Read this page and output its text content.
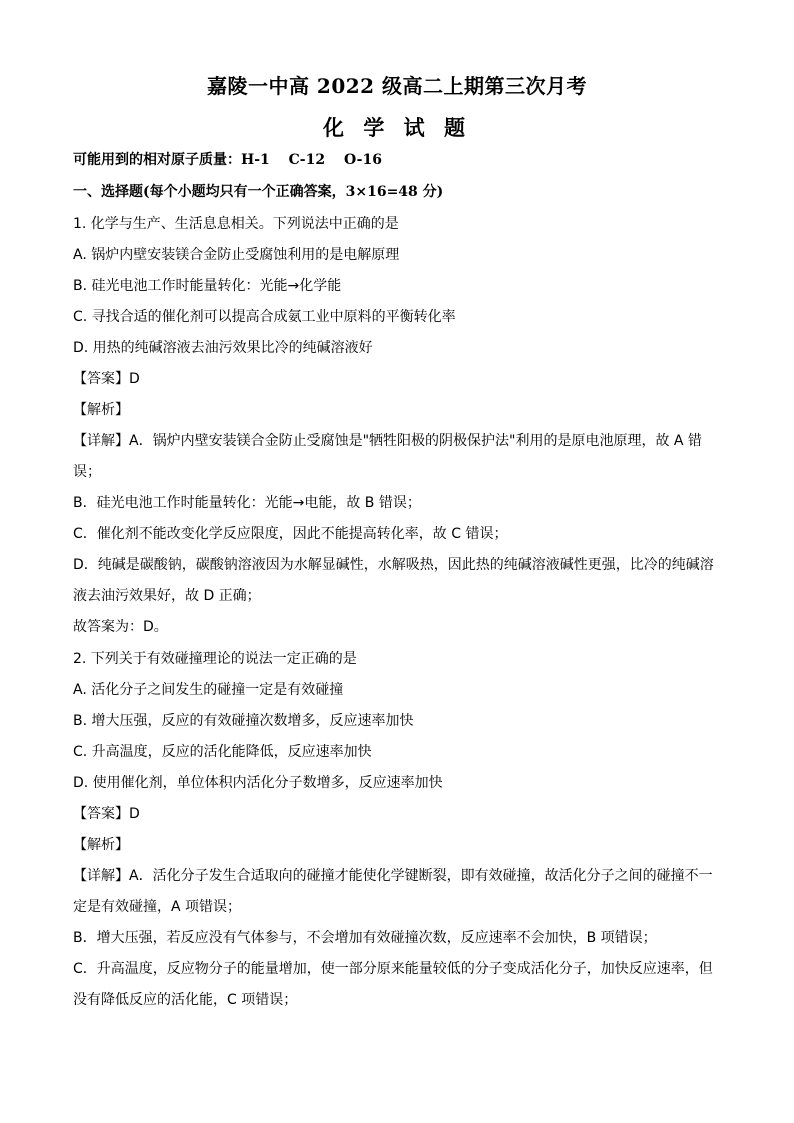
嘉陵一中高 2022 级高二上期第三次月考
化 学 试 题
可能用到的相对原子质量：H-1　 C-12　 O-16
一、选择题(每个小题均只有一个正确答案，3×16=48 分)
1. 化学与生产、生活息息相关。下列说法中正确的是
A. 锅炉内壁安装镁合金防止受腐蚀利用的是电解原理
B. 硅光电池工作时能量转化：光能→化学能
C. 寻找合适的催化剂可以提高合成氨工业中原料的平衡转化率
D. 用热的纯碱溶液去油污效果比冷的纯碱溶液好
【答案】D
【解析】
【详解】A．锅炉内壁安装镁合金防止受腐蚀是"牺牲阳极的阴极保护法"利用的是原电池原理，故 A 错
误；
B．硅光电池工作时能量转化：光能→电能，故 B 错误；
C．催化剂不能改变化学反应限度，因此不能提高转化率，故 C 错误；
D．纯碱是碳酸钠，碳酸钠溶液因为水解显碱性，水解吸热，因此热的纯碱溶液碱性更强，比冷的纯碱溶
液去油污效果好，故 D 正确；
故答案为：D。
2. 下列关于有效碰撞理论的说法一定正确的是
A. 活化分子之间发生的碰撞一定是有效碰撞
B. 增大压强，反应的有效碰撞次数增多，反应速率加快
C. 升高温度，反应的活化能降低，反应速率加快
D. 使用催化剂，单位体积内活化分子数增多，反应速率加快
【答案】D
【解析】
【详解】A．活化分子发生合适取向的碰撞才能使化学键断裂，即有效碰撞，故活化分子之间的碰撞不一
定是有效碰撞，A 项错误；
B．增大压强，若反应没有气体参与，不会增加有效碰撞次数，反应速率不会加快，B 项错误；
C．升高温度，反应物分子的能量增加，使一部分原来能量较低的分子变成活化分子，加快反应速率，但
没有降低反应的活化能，C 项错误；
